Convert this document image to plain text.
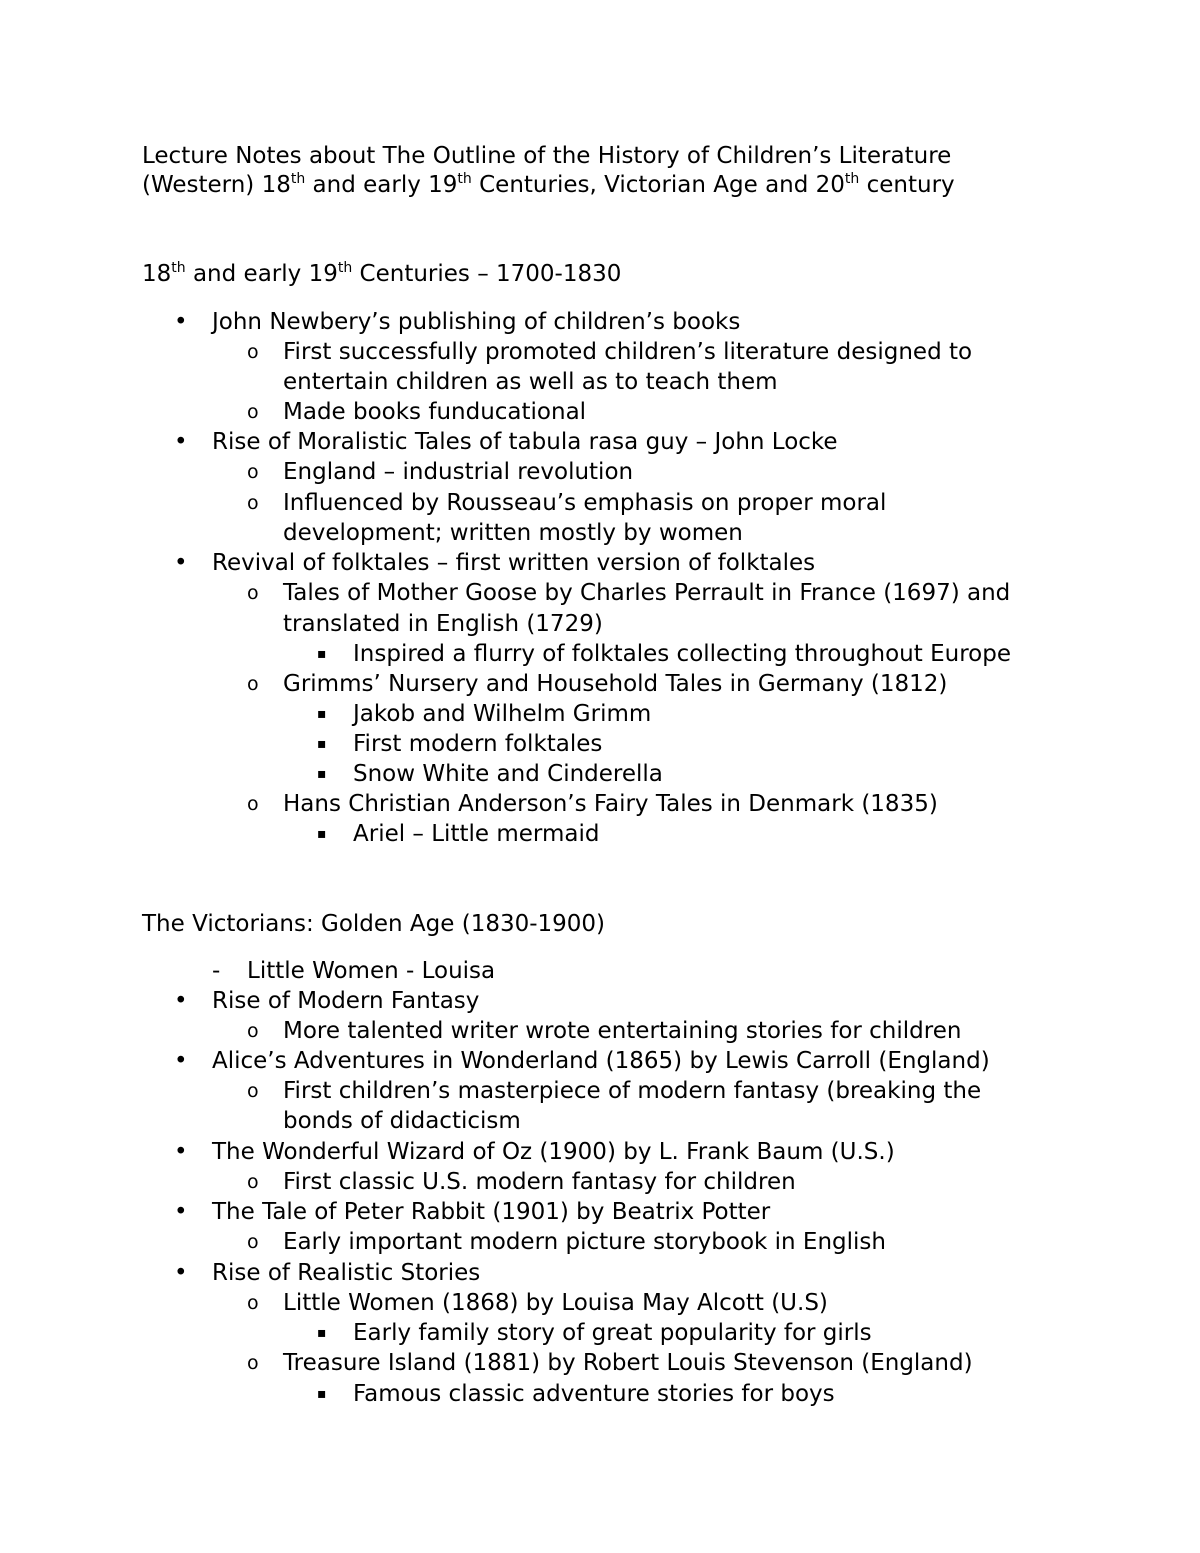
Lecture Notes about The Outline of the History of Children’s Literature
(Western) 18th and early 19th Centuries, Victorian Age and 20th century
18th and early 19th Centuries – 1700-1830
• John Newbery’s publishing of children’s books
o First successfully promoted children’s literature designed to
entertain children as well as to teach them
o Made books funducational
• Rise of Moralistic Tales of tabula rasa guy – John Locke
o England – industrial revolution
o Influenced by Rousseau’s emphasis on proper moral
development; written mostly by women
• Revival of folktales – first written version of folktales
o Tales of Mother Goose by Charles Perrault in France (1697) and
translated in English (1729)
▪ Inspired a flurry of folktales collecting throughout Europe
o Grimms’ Nursery and Household Tales in Germany (1812)
▪ Jakob and Wilhelm Grimm
▪ First modern folktales
▪ Snow White and Cinderella
o Hans Christian Anderson’s Fairy Tales in Denmark (1835)
▪ Ariel – Little mermaid
The Victorians: Golden Age (1830-1900)
- Little Women - Louisa
• Rise of Modern Fantasy
o More talented writer wrote entertaining stories for children
• Alice’s Adventures in Wonderland (1865) by Lewis Carroll (England)
o First children’s masterpiece of modern fantasy (breaking the
bonds of didacticism
• The Wonderful Wizard of Oz (1900) by L. Frank Baum (U.S.)
o First classic U.S. modern fantasy for children
• The Tale of Peter Rabbit (1901) by Beatrix Potter
o Early important modern picture storybook in English
• Rise of Realistic Stories
o Little Women (1868) by Louisa May Alcott (U.S)
▪ Early family story of great popularity for girls
o Treasure Island (1881) by Robert Louis Stevenson (England)
▪ Famous classic adventure stories for boys
